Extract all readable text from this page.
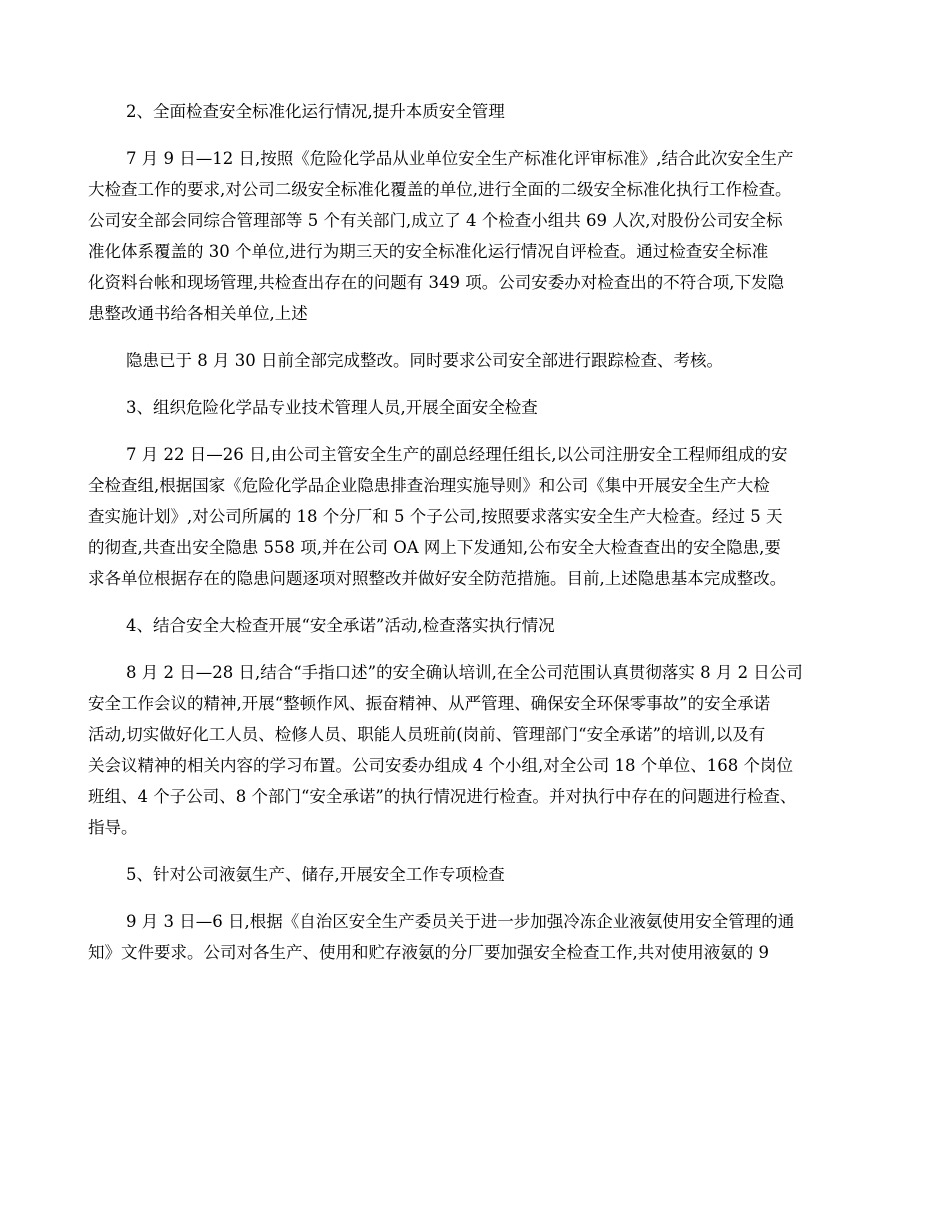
2、全面检查安全标准化运行情况,提升本质安全管理
7 月 9 日—12 日,按照《危险化学品从业单位安全生产标准化评审标准》,结合此次安全生产
大检查工作的要求,对公司二级安全标准化覆盖的单位,进行全面的二级安全标准化执行工作检查。
公司安全部会同综合管理部等 5 个有关部门,成立了 4 个检查小组共 69 人次,对股份公司安全标
准化体系覆盖的 30 个单位,进行为期三天的安全标准化运行情况自评检查。通过检查安全标准
化资料台帐和现场管理,共检查出存在的问题有 349 项。公司安委办对检查出的不符合项,下发隐
患整改通书给各相关单位,上述
隐患已于 8 月 30 日前全部完成整改。同时要求公司安全部进行跟踪检查、考核。
3、组织危险化学品专业技术管理人员,开展全面安全检查
7 月 22 日—26 日,由公司主管安全生产的副总经理任组长,以公司注册安全工程师组成的安
全检查组,根据国家《危险化学品企业隐患排查治理实施导则》和公司《集中开展安全生产大检
查实施计划》,对公司所属的 18 个分厂和 5 个子公司,按照要求落实安全生产大检查。经过 5 天
的彻查,共查出安全隐患 558 项,并在公司 OA 网上下发通知,公布安全大检查查出的安全隐患,要
求各单位根据存在的隐患问题逐项对照整改并做好安全防范措施。目前,上述隐患基本完成整改。
4、结合安全大检查开展“安全承诺”活动,检查落实执行情况
8 月 2 日—28 日,结合“手指口述”的安全确认培训,在全公司范围认真贯彻落实 8 月 2 日公司
安全工作会议的精神,开展“整顿作风、振奋精神、从严管理、确保安全环保零事故”的安全承诺
活动,切实做好化工人员、检修人员、职能人员班前(岗前、管理部门“安全承诺”的培训,以及有
关会议精神的相关内容的学习布置。公司安委办组成 4 个小组,对全公司 18 个单位、168 个岗位
班组、4 个子公司、8 个部门“安全承诺”的执行情况进行检查。并对执行中存在的问题进行检查、
指导。
5、针对公司液氨生产、储存,开展安全工作专项检查
9 月 3 日—6 日,根据《自治区安全生产委员关于进一步加强冷冻企业液氨使用安全管理的通
知》文件要求。公司对各生产、使用和贮存液氨的分厂要加强安全检查工作,共对使用液氨的 9
